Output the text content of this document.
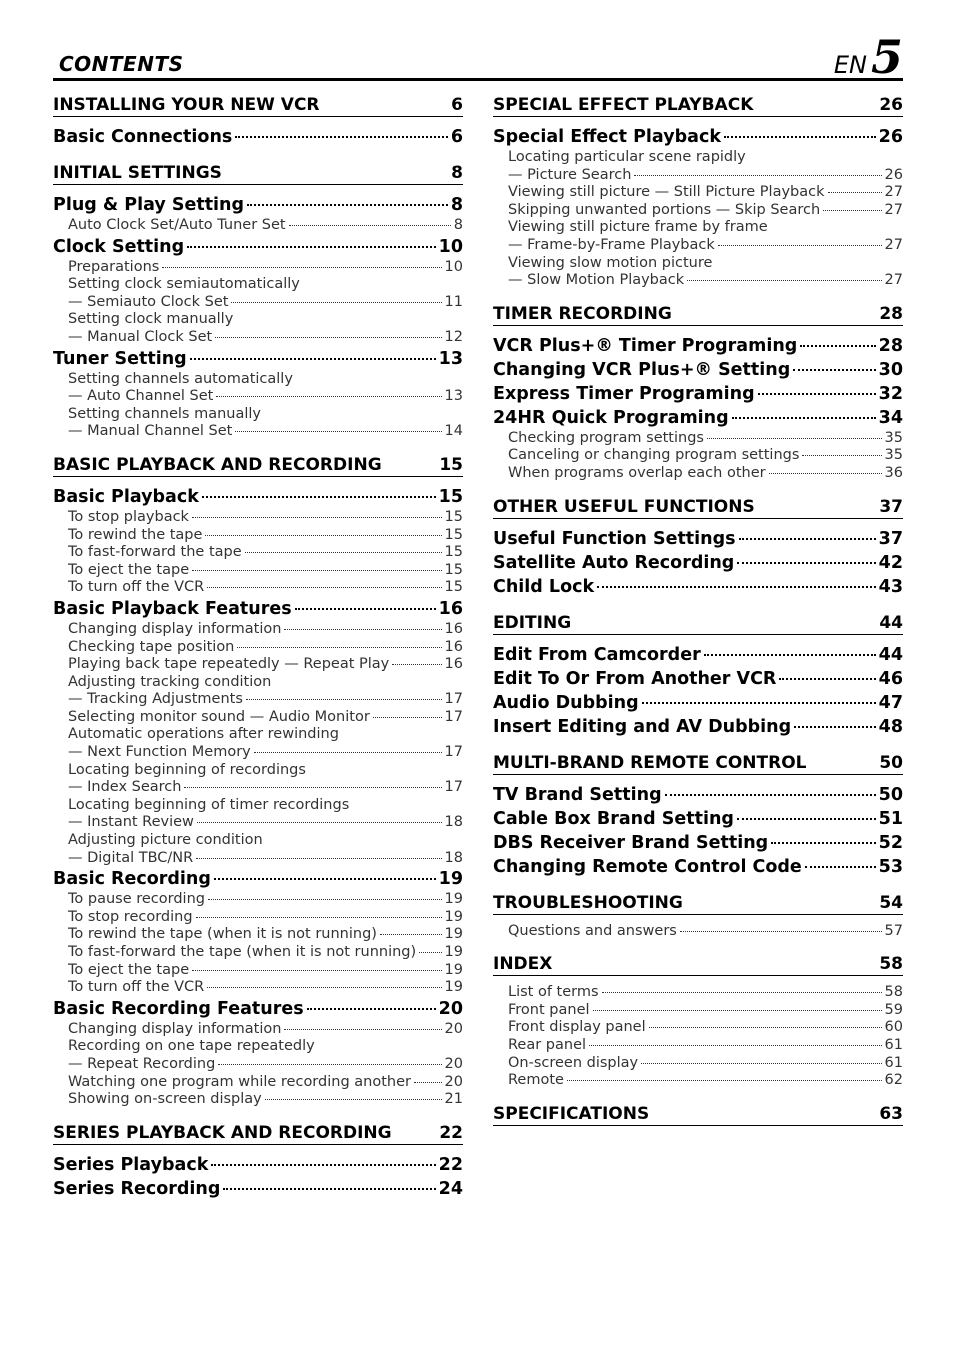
CONTENTS	EN 5
INSTALLING YOUR NEW VCR	6
Basic Connections	6
INITIAL SETTINGS	8
Plug & Play Setting	8
Auto Clock Set/Auto Tuner Set	8
Clock Setting	10
Preparations	10
Setting clock semiautomatically
— Semiauto Clock Set	11
Setting clock manually
— Manual Clock Set	12
Tuner Setting	13
Setting channels automatically
— Auto Channel Set	13
Setting channels manually
— Manual Channel Set	14
BASIC PLAYBACK AND RECORDING	15
Basic Playback	15
To stop playback	15
To rewind the tape	15
To fast-forward the tape	15
To eject the tape	15
To turn off the VCR	15
Basic Playback Features	16
Changing display information	16
Checking tape position	16
Playing back tape repeatedly — Repeat Play	16
Adjusting tracking condition
— Tracking Adjustments	17
Selecting monitor sound — Audio Monitor	17
Automatic operations after rewinding
— Next Function Memory	17
Locating beginning of recordings
— Index Search	17
Locating beginning of timer recordings
— Instant Review	18
Adjusting picture condition
— Digital TBC/NR	18
Basic Recording	19
To pause recording	19
To stop recording	19
To rewind the tape (when it is not running)	19
To fast-forward the tape (when it is not running) 19
To eject the tape	19
To turn off the VCR	19
Basic Recording Features	20
Changing display information	20
Recording on one tape repeatedly
— Repeat Recording	20
Watching one program while recording another 20
Showing on-screen display	21
SERIES PLAYBACK AND RECORDING	22
Series Playback	22
Series Recording	24
SPECIAL EFFECT PLAYBACK	26
Special Effect Playback	26
Locating particular scene rapidly
— Picture Search	26
Viewing still picture — Still Picture Playback	27
Skipping unwanted portions — Skip Search	27
Viewing still picture frame by frame
— Frame-by-Frame Playback	27
Viewing slow motion picture
— Slow Motion Playback	27
TIMER RECORDING	28
VCR Plus+® Timer Programing	28
Changing VCR Plus+® Setting	30
Express Timer Programing	32
24HR Quick Programing	34
Checking program settings	35
Canceling or changing program settings	35
When programs overlap each other	36
OTHER USEFUL FUNCTIONS	37
Useful Function Settings	37
Satellite Auto Recording	42
Child Lock	43
EDITING	44
Edit From Camcorder	44
Edit To Or From Another VCR	46
Audio Dubbing	47
Insert Editing and AV Dubbing	48
MULTI-BRAND REMOTE CONTROL	50
TV Brand Setting	50
Cable Box Brand Setting	51
DBS Receiver Brand Setting	52
Changing Remote Control Code	53
TROUBLESHOOTING	54
Questions and answers	57
INDEX	58
List of terms	58
Front panel	59
Front display panel	60
Rear panel	61
On-screen display	61
Remote	62
SPECIFICATIONS	63
